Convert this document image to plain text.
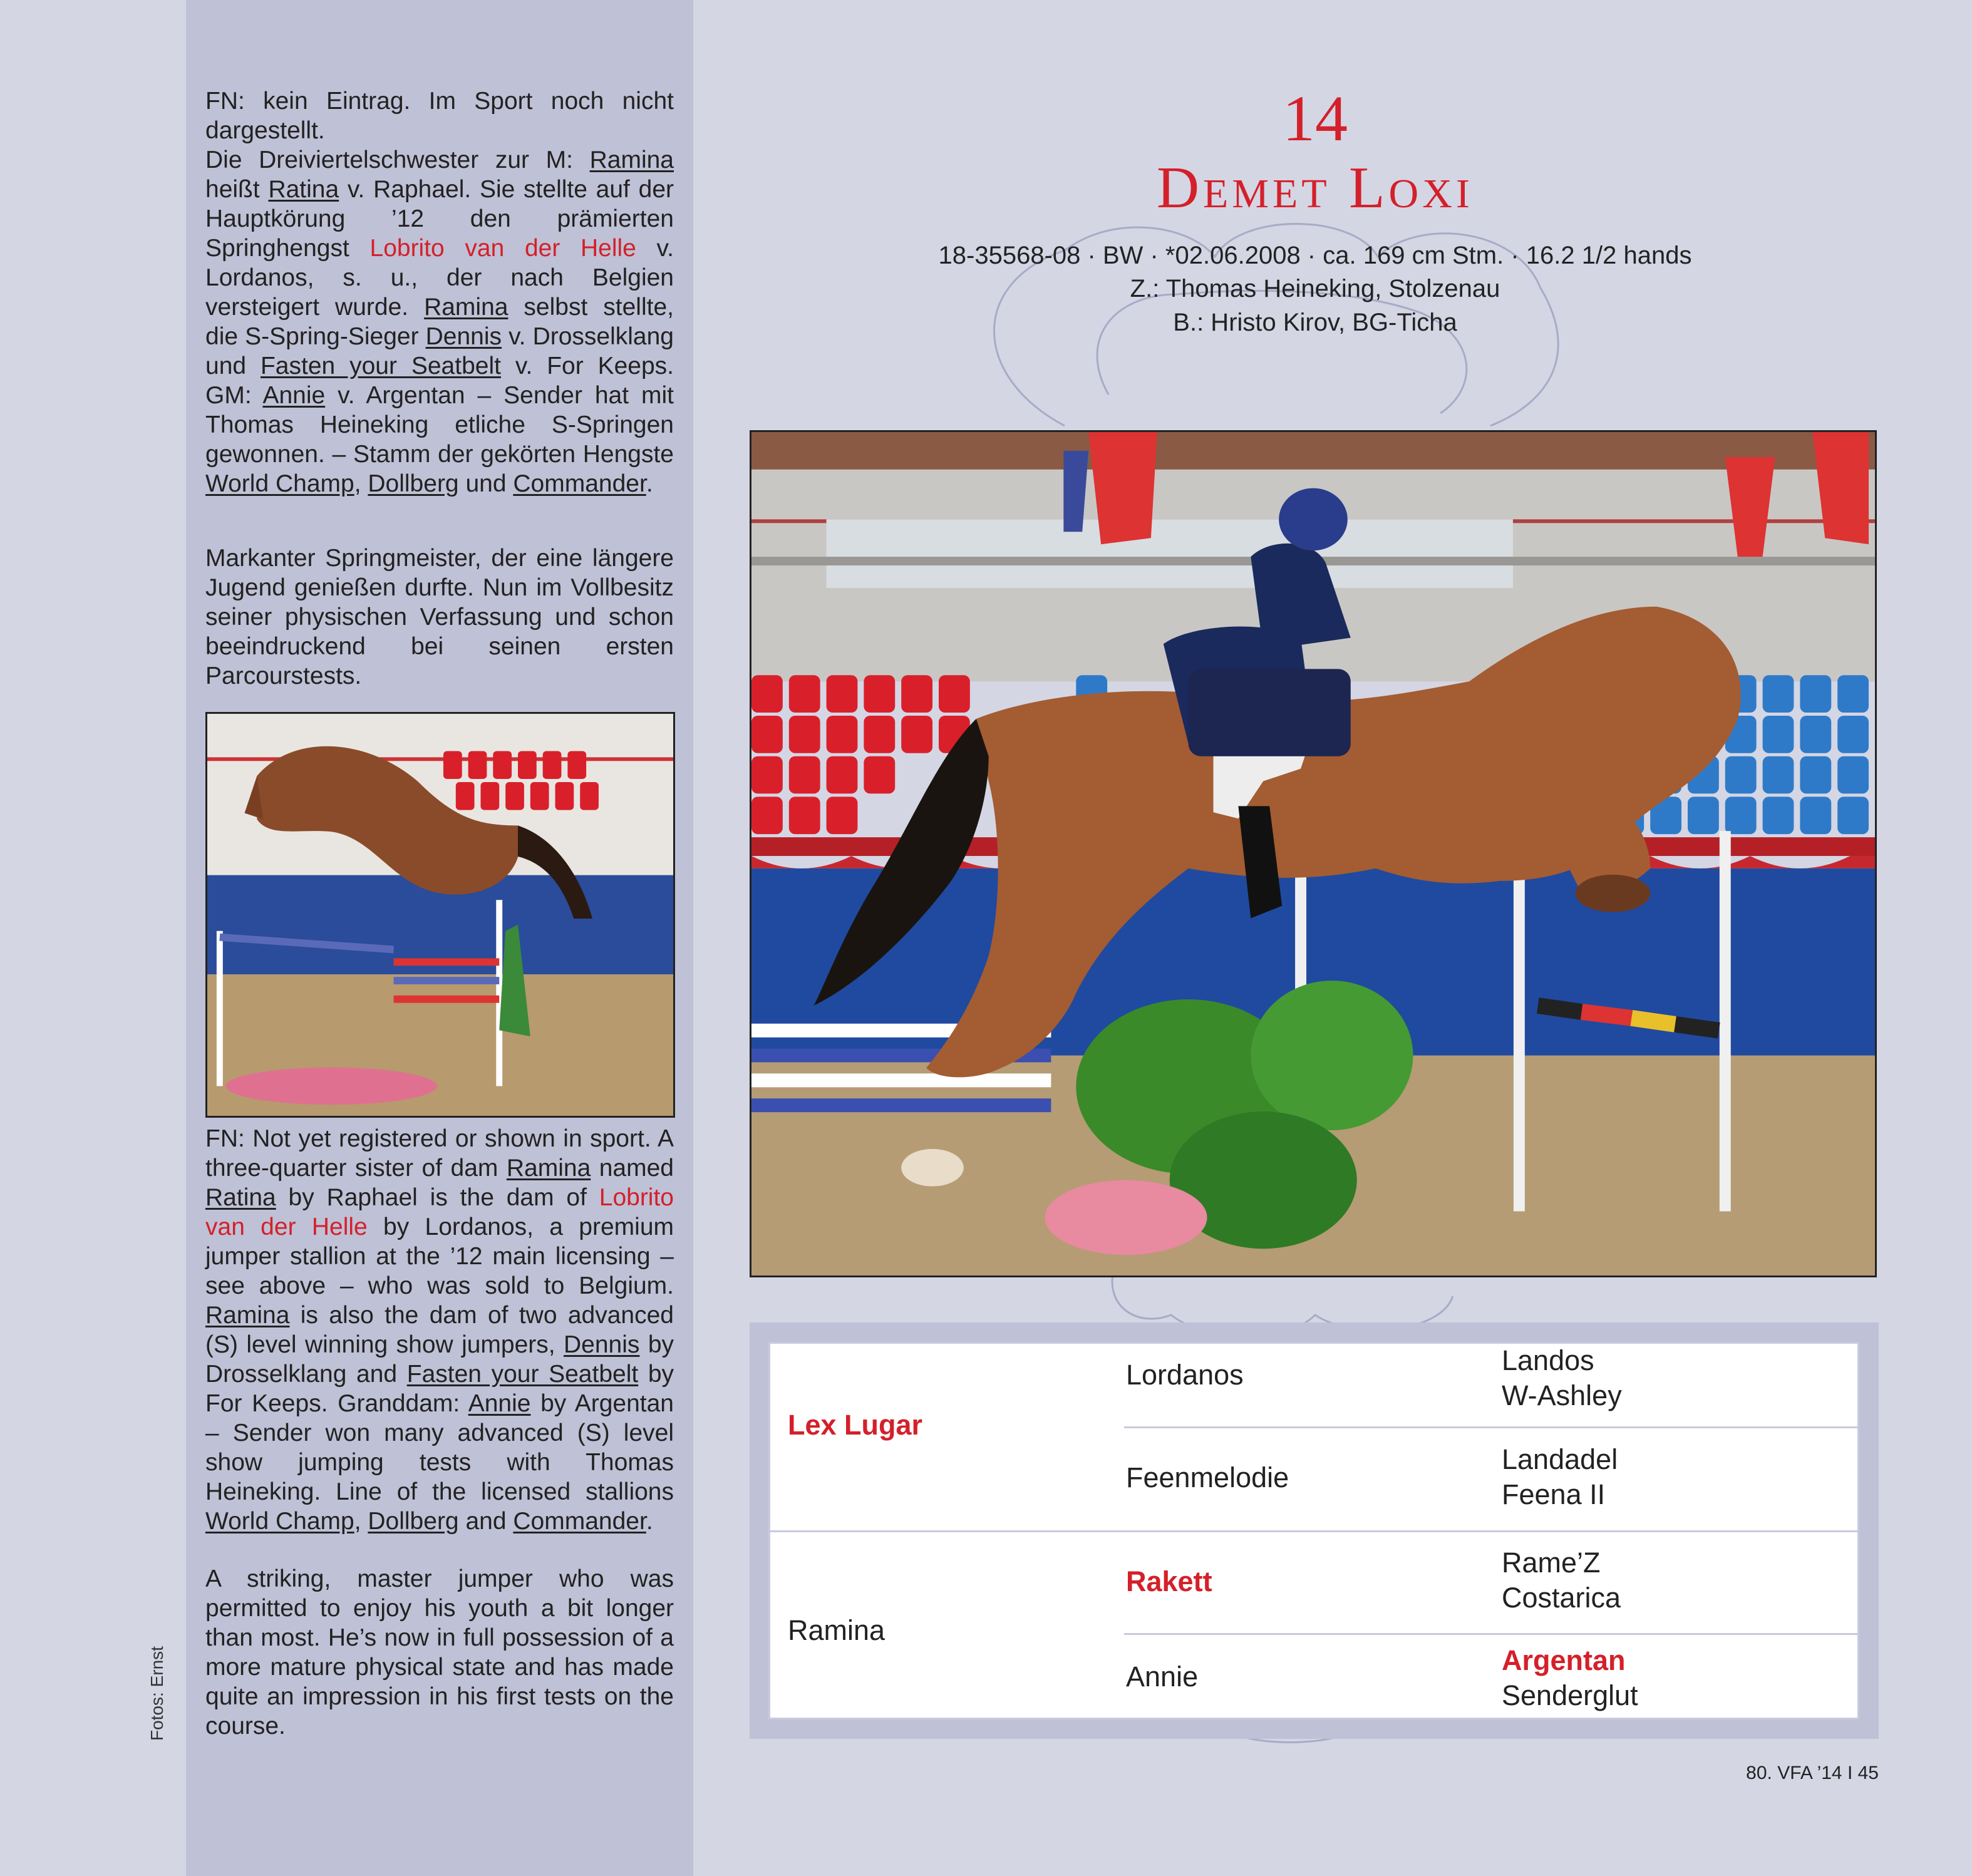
FN: kein Eintrag. Im Sport noch nicht dargestellt.
Die Dreiviertelschwester zur M: Ramina heißt Ratina v. Raphael. Sie stellte auf der Hauptkörung ’12 den prämierten Springhengst Lobrito van der Helle v. Lordanos, s. u., der nach Belgien versteigert wurde. Ramina selbst stellte, die S-Spring-Sieger Dennis v. Drosselklang und Fasten your Seatbelt v. For Keeps. GM: Annie v. Argentan – Sender hat mit Thomas Heineking etliche S-Springen gewonnen. – Stamm der gekörten Hengste World Champ, Dollberg und Commander.

Markanter Springmeister, der eine längere Jugend genießen durfte. Nun im Vollbesitz seiner physischen Verfassung und schon beeindruckend bei seinen ersten Parcourstests.

FN: Not yet registered or shown in sport. A three-quarter sister of dam Ramina named Ratina by Raphael is the dam of Lobrito van der Helle by Lordanos, a premium jumper stallion at the ’12 main licensing – see above – who was sold to Belgium. Ramina is also the dam of two advanced (S) level winning show jumpers, Dennis by Drosselklang and Fasten your Seatbelt by For Keeps. Granddam: Annie by Argentan – Sender won many advanced (S) level show jumping tests with Thomas Heineking. Line of the licensed stallions World Champ, Dollberg and Commander.

A striking, master jumper who was permitted to enjoy his youth a bit longer than most. He’s now in full possession of a more mature physical state and has made quite an impression in his first tests on the course.

Fotos: Ernst
14
Demet Loxi
18-35568-08 · BW · *02.06.2008 · ca. 169 cm Stm. · 16.2 1/2 hands
Z.: Thomas Heineking, Stolzenau
B.: Hristo Kirov, BG-Ticha
Lex Lugar
Ramina
Lordanos
Feenmelodie
Rakett
Annie
Landos
W-Ashley
Landadel
Feena II
Rame’Z
Costarica
Argentan
Senderglut
80. VFA ’14 I 45
